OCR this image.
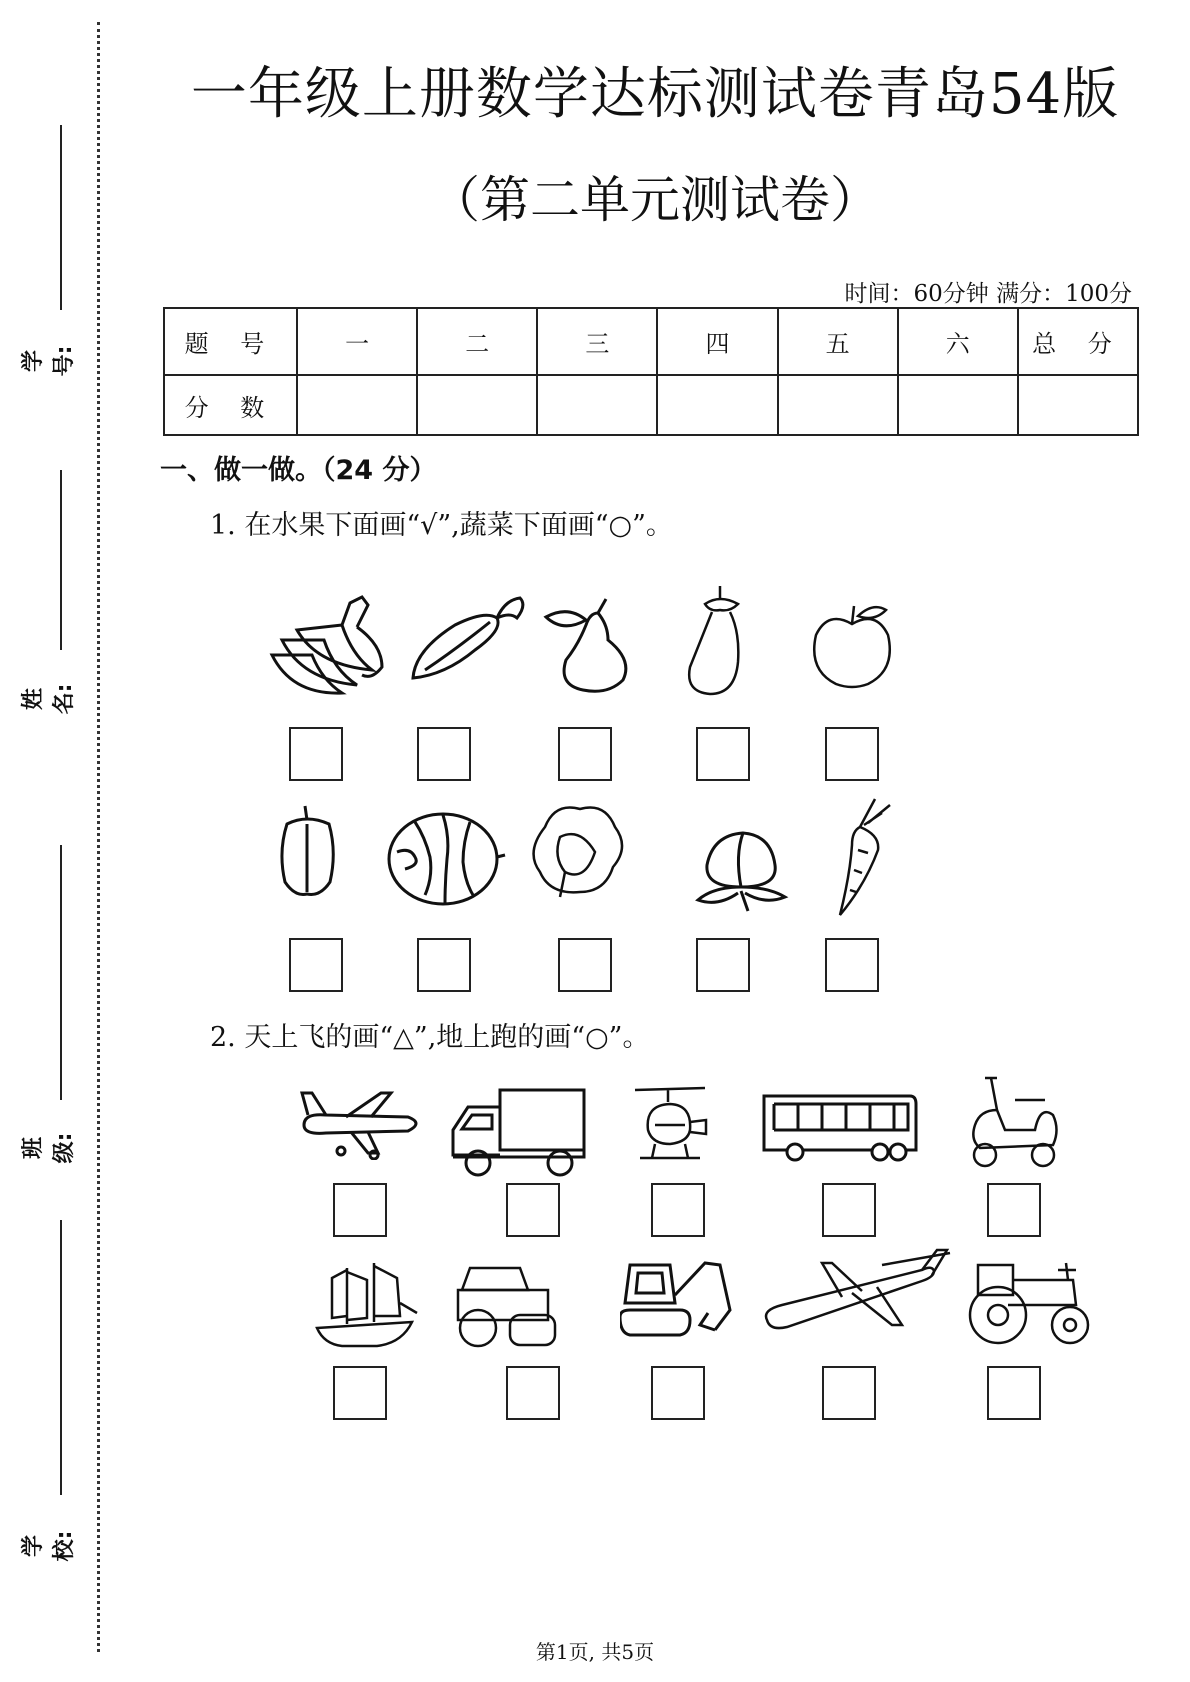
学号:
姓名:
班级:
学校:
一年级上册数学达标测试卷青岛54版
（第二单元测试卷）
时间：60分钟 满分：100分
题 号	一	二	三	四	五	六	总 分
分 数							
一、做一做。（24 分）
1. 在水果下面画“√”,蔬菜下面画“○”。
2. 天上飞的画“△”,地上跑的画“○”。
第1页, 共5页
